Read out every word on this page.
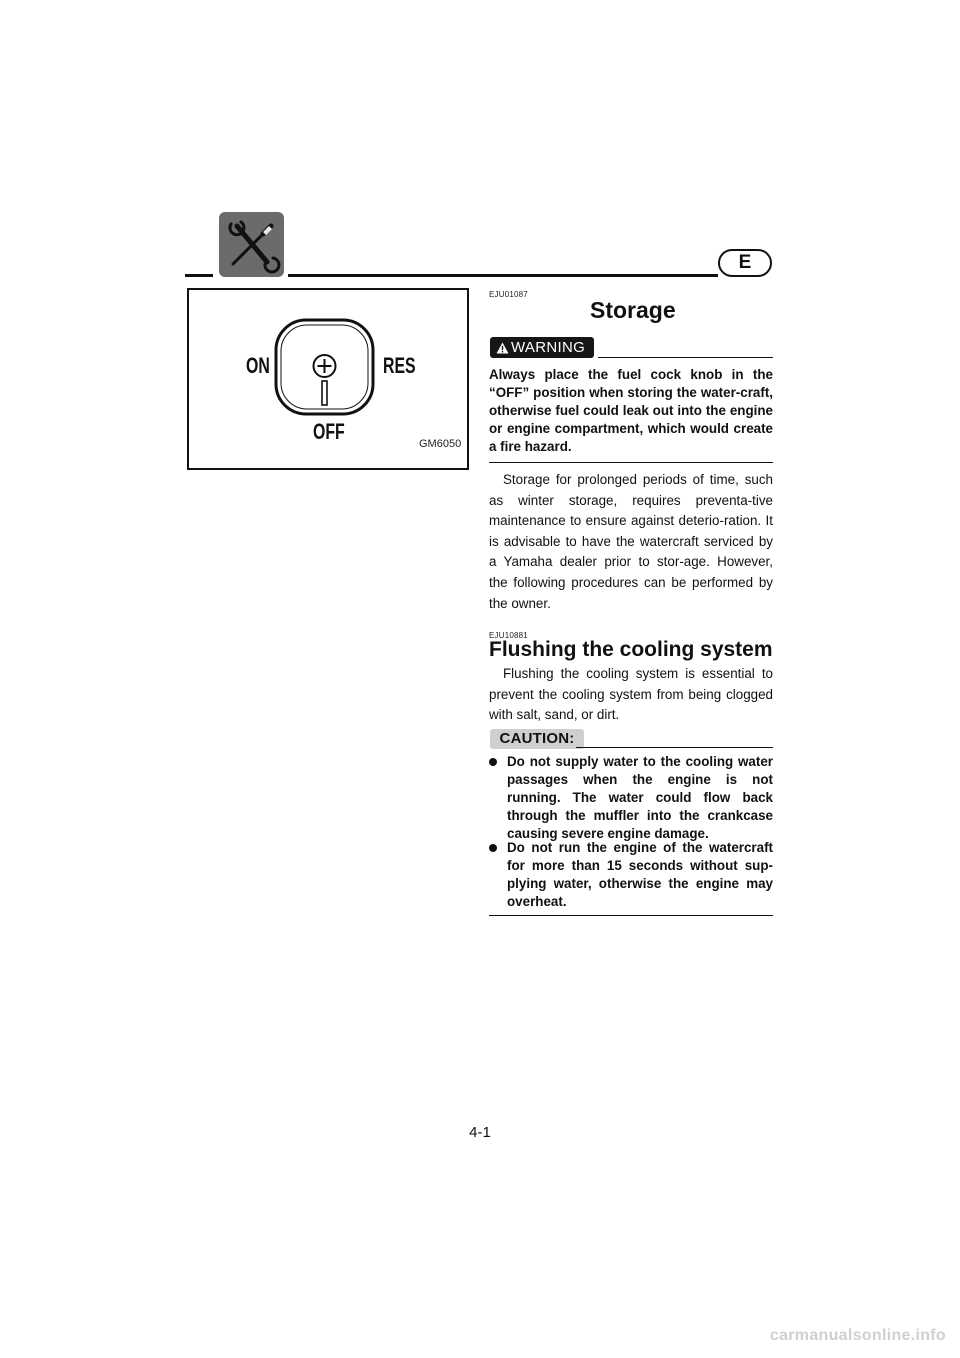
E
ON	RES
OFF	GM6050
EJU01087
Storage
WARNING
Always place the fuel cock knob in the “OFF” position when storing the water-craft, otherwise fuel could leak out into the engine or engine compartment, which would create a fire hazard.
Storage for prolonged periods of time, such as winter storage, requires preventa-tive maintenance to ensure against deterio-ration. It is advisable to have the watercraft serviced by a Yamaha dealer prior to stor-age. However, the following procedures can be performed by the owner.
EJU10881
Flushing the cooling system
Flushing the cooling system is essential to prevent the cooling system from being clogged with salt, sand, or dirt.
CAUTION:
Do not supply water to the cooling water passages when the engine is not running. The water could flow back through the muffler into the crankcase causing severe engine damage.
Do not run the engine of the watercraft for more than 15 seconds without sup-plying water, otherwise the engine may overheat.
4-1
carmanualsonline.info
